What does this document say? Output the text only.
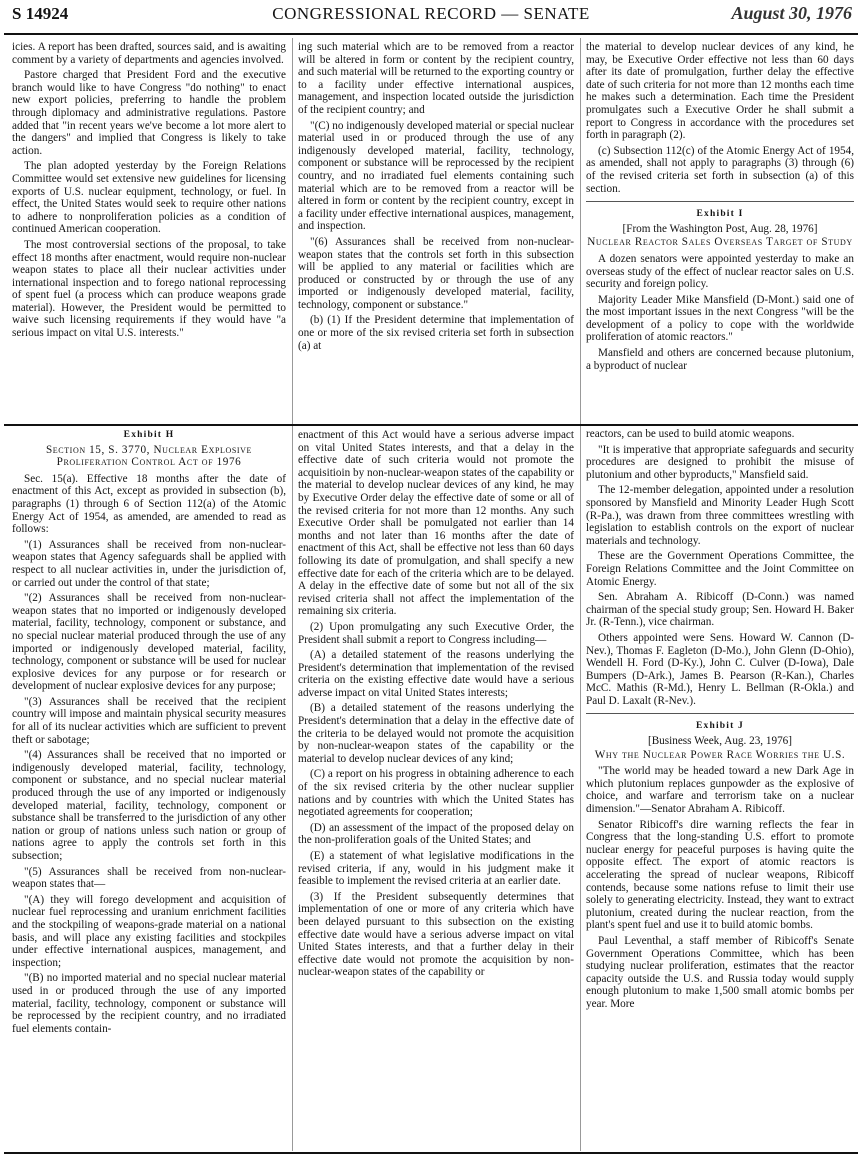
S 14924	CONGRESSIONAL RECORD — SENATE	August 30, 1976

icies. A report has been drafted, sources said, and is awaiting comment by a variety of departments and agencies involved.

Pastore charged that President Ford and the executive branch would like to have Congress "do nothing" to enact new export policies, preferring to handle the problem through diplomacy and administrative regulations. Pastore added that "in recent years we've become a lot more alert to the dangers" and implied that Congress is likely to take action.

The plan adopted yesterday by the Foreign Relations Committee would set extensive new guidelines for licensing exports of U.S. nuclear equipment, technology, or fuel. In effect, the United States would seek to require other nations to adhere to nonproliferation policies as a condition of continued American cooperation.

The most controversial sections of the proposal, to take effect 18 months after enactment, would require non-nuclear weapon states to place all their nuclear activities under international inspection and to forego national reprocessing of spent fuel (a process which can produce weapons grade material). However, the President would be permitted to waive such licensing requirements if they would have "a serious impact on vital U.S. interests."

ing such material which are to be removed from a reactor will be altered in form or content by the recipient country, and such material will be returned to the exporting country or to a facility under effective international auspices, management, and inspection located outside the jurisdiction of the recipient country; and

"(C) no indigenously developed material or special nuclear material used in or produced through the use of any indigenously developed material, facility, technology, component or substance will be reprocessed by the recipient country, and no irradiated fuel elements containing such material which are to be removed from a reactor will be altered in form or content by the recipient country, except in a facility under effective international auspices, management, and inspection.

"(6) Assurances shall be received from non-nuclear-weapon states that the controls set forth in this subsection will be applied to any material or facilities which are produced or constructed by or through the use of any imported or indigenously developed material, facility, technology, component or substance."

(b) (1) If the President determine that implementation of one or more of the six revised criteria set forth in subsection (a) at

the material to develop nuclear devices of any kind, he may, be Executive Order effective not less than 60 days after its date of promulgation, further delay the effective date of such criteria for not more than 12 months each time he makes such a determination. Each time the President promulgates such a Executive Order he shall submit a report to Congress in accordance with the procedures set forth in paragraph (2).

(c) Subsection 112(c) of the Atomic Energy Act of 1954, as amended, shall not apply to paragraphs (3) through (6) of the revised criteria set forth in subsection (a) of this section.

Exhibit I

[From the Washington Post, Aug. 28, 1976]

Nuclear Reactor Sales Overseas Target of Study

A dozen senators were appointed yesterday to make an overseas study of the effect of nuclear reactor sales on U.S. security and foreign policy.

Majority Leader Mike Mansfield (D-Mont.) said one of the most important issues in the next Congress "will be the development of a policy to cope with the worldwide proliferation of atomic reactors."

Mansfield and others are concerned because plutonium, a byproduct of nuclear

Exhibit H

Section 15, S. 3770, Nuclear Explosive Proliferation Control Act of 1976

Sec. 15(a). Effective 18 months after the date of enactment of this Act, except as provided in subsection (b), paragraphs (1) through 6 of Section 112(a) of the Atomic Energy Act of 1954, as amended, are amended to read as follows:

"(1) Assurances shall be received from non-nuclear-weapon states that Agency safeguards shall be applied with respect to all nuclear activities in, under the jurisdiction of, or carried out under the control of that state;

"(2) Assurances shall be received from non-nuclear-weapon states that no imported or indigenously developed material, facility, technology, component or substance, and no special nuclear material produced through the use of any imported or indigenously developed material, facility, technology, component or substance will be used for nuclear explosive devices for any purpose or for research or development of nuclear explosive devices for any purpose;

"(3) Assurances shall be received that the recipient country will impose and maintain physical security measures for all of its nuclear activities which are sufficient to prevent theft or sabotage;

"(4) Assurances shall be received that no imported or indigenously developed material, facility, technology, component or substance, and no special nuclear material produced through the use of any imported or indigenously developed material, facility, technology, component or substance shall be transferred to the jurisdiction of any other nation or group of nations unless such nation or group of nations agree to apply the controls set forth in this subsection;

"(5) Assurances shall be received from non-nuclear-weapon states that—

"(A) they will forego development and acquisition of nuclear fuel reprocessing and uranium enrichment facilities and the stockpiling of weapons-grade material on a national basis, and will place any existing facilities and stockpiles under effective international auspices, management, and inspection;

"(B) no imported material and no special nuclear material used in or produced through the use of any imported material, facility, technology, component or substance will be reprocessed by the recipient country, and no irradiated fuel elements contain-

enactment of this Act would have a serious adverse impact on vital United States interests, and that a delay in the effective date of such criteria would not promote the acquisitioin by non-nuclear-weapon states of the capability or the material to develop nuclear devices of any kind, he may by Executive Order delay the effective date of some or all of the revised criteria for not more than 12 months. Any such Executive Order shall be pomulgated not earlier than 14 months and not later than 16 months after the date of enactment of this Act, shall be effective not less than 60 days following its date of promulgation, and shall specify a new effective date for each of the criteria which are to be delayed. A delay in the effective date of some but not all of the six revised criteria shall not affect the implementation of the remaining six criteria.

(2) Upon promulgating any such Executive Order, the President shall submit a report to Congress including—

(A) a detailed statement of the reasons underlying the President's determination that implementation of the revised criteria on the existing effective date would have a serious adverse impact on vital United States interests;

(B) a detailed statement of the reasons underlying the President's determination that a delay in the effective date of the criteria to be delayed would not promote the acquisition by non-nuclear-weapon states of the capability or the material to develop nuclear devices of any kind;

(C) a report on his progress in obtaining adherence to each of the six revised criteria by the other nuclear supplier nations and by countries with which the United States has negotiated agreements for cooperation;

(D) an assessment of the impact of the proposed delay on the non-proliferation goals of the United States; and

(E) a statement of what legislative modifications in the revised criteria, if any, would in his judgment make it feasible to implement the revised criteria at an earlier date.

(3) If the President subsequently determines that implementation of one or more of any criteria which have been delayed pursuant to this subsection on the existing effective date would have a serious adverse impact on vital United States interests, and that a further delay in their effective date would not promote the acquisition by non-nuclear-weapon states of the capability or

reactors, can be used to build atomic weapons.

"It is imperative that appropriate safeguards and security procedures are designed to prohibit the misuse of plutonium and other byproducts," Mansfield said.

The 12-member delegation, appointed under a resolution sponsored by Mansfield and Minority Leader Hugh Scott (R-Pa.), was drawn from three committees wrestling with legislation to establish controls on the export of nuclear materials and technology.

These are the Government Operations Committee, the Foreign Relations Committee and the Joint Committee on Atomic Energy.

Sen. Abraham A. Ribicoff (D-Conn.) was named chairman of the special study group; Sen. Howard H. Baker Jr. (R-Tenn.), vice chairman.

Others appointed were Sens. Howard W. Cannon (D-Nev.), Thomas F. Eagleton (D-Mo.), John Glenn (D-Ohio), Wendell H. Ford (D-Ky.), John C. Culver (D-Iowa), Dale Bumpers (D-Ark.), James B. Pearson (R-Kan.), Charles McC. Mathis (R-Md.), Henry L. Bellman (R-Okla.) and Paul D. Laxalt (R-Nev.).

Exhibit J

[Business Week, Aug. 23, 1976]

Why the Nuclear Power Race Worries the U.S.

"The world may be headed toward a new Dark Age in which plutonium replaces gunpowder as the explosive of choice, and warfare and terrorism take on a nuclear dimension."—Senator Abraham A. Ribicoff.

Senator Ribicoff's dire warning reflects the fear in Congress that the long-standing U.S. effort to promote nuclear energy for peaceful purposes is having quite the opposite effect. The export of atomic reactors is accelerating the spread of nuclear weapons, Ribicoff contends, because some nations refuse to limit their use solely to generating electricity. Instead, they want to extract plutonium, created during the nuclear reaction, from the plant's spent fuel and use it to build atomic bombs.

Paul Leventhal, a staff member of Ribicoff's Senate Government Operations Committee, which has been studying nuclear proliferation, estimates that the reactor capacity outside the U.S. and Russia today would supply enough plutonium to make 1,500 small atomic bombs per year. More
